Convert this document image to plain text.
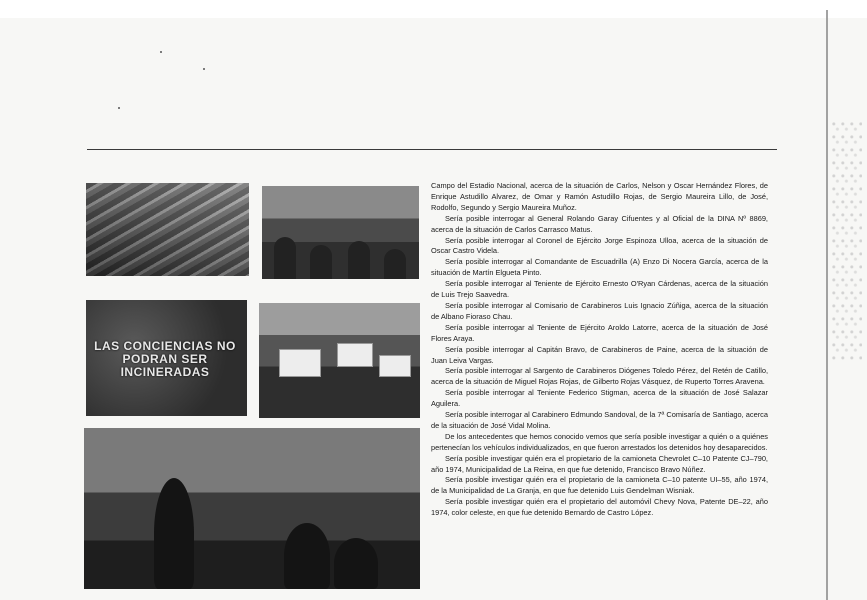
LAS CONCIENCIAS NO PODRAN SER INCINERADAS

Campo del Estadio Nacional, acerca de la situación de Carlos, Nelson y Oscar Hernández Flores, de Enrique Astudillo Alvarez, de Omar y Ramón Astudillo Rojas, de Sergio Maureira Lillo, de José, Rodolfo, Segundo y Sergio Maureira Muñoz.

Sería posible interrogar al General Rolando Garay Cifuentes y al Oficial de la DINA Nº 8869, acerca de la situación de Carlos Carrasco Matus.

Sería posible interrogar al Coronel de Ejército Jorge Espinoza Ulloa, acerca de la situación de Oscar Castro Videla.

Sería posible interrogar al Comandante de Escuadrilla (A) Enzo Di Nocera García, acerca de la situación de Martín Elgueta Pinto.

Sería posible interrogar al Teniente de Ejército Ernesto O'Ryan Cárdenas, acerca de la situación de Luis Trejo Saavedra.

Sería posible interrogar al Comisario de Carabineros Luis Ignacio Zúñiga, acerca de la situación de Albano Fioraso Chau.

Sería posible interrogar al Teniente de Ejército Aroldo Latorre, acerca de la situación de José Flores Araya.

Sería posible interrogar al Capitán Bravo, de Carabineros de Paine, acerca de la situación de Juan Leiva Vargas.

Sería posible interrogar al Sargento de Carabineros Diógenes Toledo Pérez, del Retén de Catillo, acerca de la situación de Miguel Rojas Rojas, de Gilberto Rojas Vásquez, de Ruperto Torres Aravena.

Sería posible interrogar al Teniente Federico Stigman, acerca de la situación de José Salazar Aguilera.

Sería posible interrogar al Carabinero Edmundo Sandoval, de la 7ª Comisaría de Santiago, acerca de la situación de José Vidal Molina.

De los antecedentes que hemos conocido vemos que sería posible investigar a quién o a quiénes pertenecían los vehículos individualizados, en que fueron arrestados los detenidos hoy desaparecidos.

Sería posible investigar quién era el propietario de la camioneta Chevrolet C–10 Patente CJ–790, año 1974, Municipalidad de La Reina, en que fue detenido, Francisco Bravo Núñez.

Sería posible investigar quién era el propietario de la camioneta C–10 patente UI–55, año 1974, de la Municipalidad de La Granja, en que fue detenido Luis Gendelman Wisniak.

Sería posible investigar quién era el propietario del automóvil Chevy Nova, Patente DE–22, año 1974, color celeste, en que fue detenido Bernardo de Castro López.
